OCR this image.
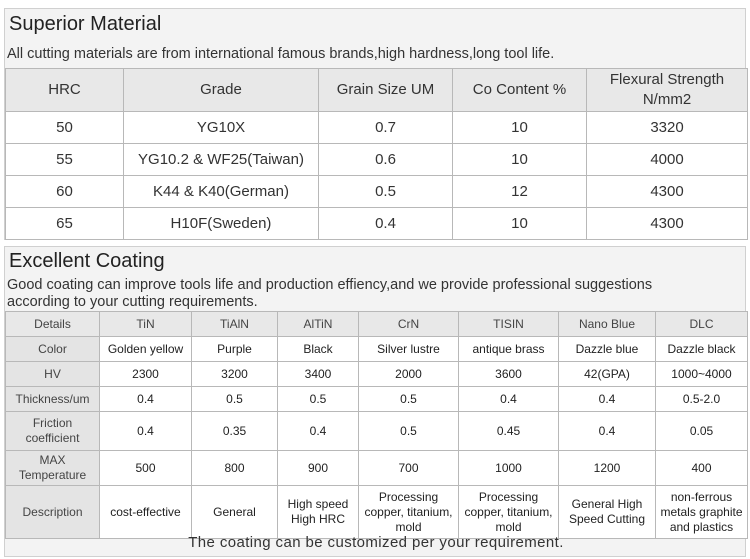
Superior Material
All cutting materials are from international famous brands,high hardness,long tool life.
HRC	Grade	Grain Size UM	Co Content %	Flexural Strength N/mm2
50	YG10X	0.7	10	3320
55	YG10.2 & WF25(Taiwan)	0.6	10	4000
60	K44 & K40(German)	0.5	12	4300
65	H10F(Sweden)	0.4	10	4300
Excellent Coating
Good coating can improve tools life and production effiency,and we provide professional suggestions
according to your cutting requirements.
Details	TiN	TiAlN	AlTiN	CrN	TISIN	Nano Blue	DLC
Color	Golden yellow	Purple	Black	Silver lustre	antique brass	Dazzle blue	Dazzle black
HV	2300	3200	3400	2000	3600	42(GPA)	1000~4000
Thickness/um	0.4	0.5	0.5	0.5	0.4	0.4	0.5-2.0
Friction coefficient	0.4	0.35	0.4	0.5	0.45	0.4	0.05
MAX Temperature	500	800	900	700	1000	1200	400
Description	cost-effective	General	High speed High HRC	Processing copper, titanium, mold	Processing copper, titanium, mold	General High Speed Cutting	non-ferrous metals graphite and plastics
The coating can be customized per your requirement.
